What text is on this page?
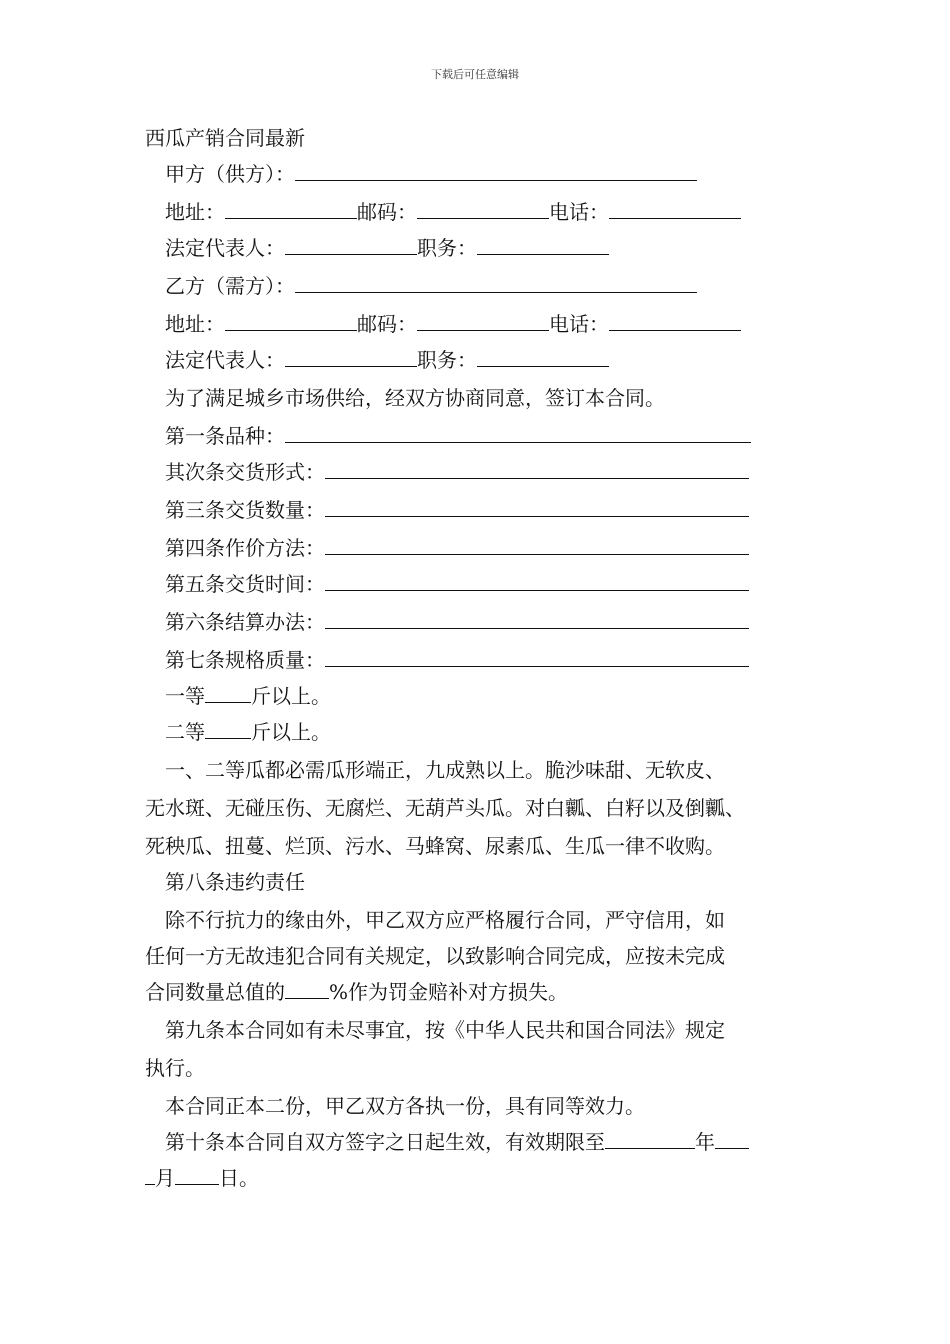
下载后可任意编辑
西瓜产销合同最新
甲方（供方）：
地址：	邮码：	电话：
法定代表人：	职务：
乙方（需方）：
地址：	邮码：	电话：
法定代表人：	职务：
为了满足城乡市场供给，经双方协商同意，签订本合同。
第一条品种：
其次条交货形式：
第三条交货数量：
第四条作价方法：
第五条交货时间：
第六条结算办法：
第七条规格质量：
一等 斤以上。
二等 斤以上。
一、二等瓜都必需瓜形端正，九成熟以上。脆沙味甜、无软皮、
无水斑、无碰压伤、无腐烂、无葫芦头瓜。对白瓤、白籽以及倒瓤、
死秧瓜、扭蔓、烂顶、污水、马蜂窝、尿素瓜、生瓜一律不收购。
第八条违约责任
除不行抗力的缘由外，甲乙双方应严格履行合同，严守信用，如
任何一方无故违犯合同有关规定，以致影响合同完成，应按未完成
合同数量总值的 %作为罚金赔补对方损失。
第九条本合同如有未尽事宜，按《中华人民共和国合同法》规定
执行。
本合同正本二份，甲乙双方各执一份，具有同等效力。
第十条本合同自双方签字之日起生效，有效期限至	年
月 日。
